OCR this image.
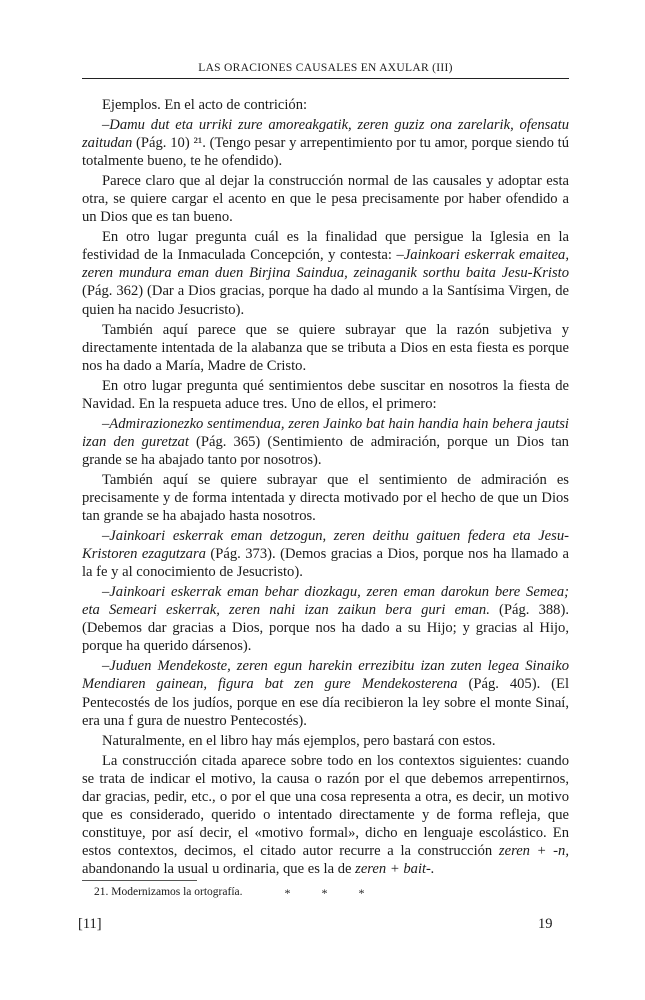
LAS ORACIONES CAUSALES EN AXULAR (III)

Ejemplos. En el acto de contrición:

–Damu dut eta urriki zure amoreakgatik, zeren guziz ona zarelarik, ofensatu zaitudan (Pág. 10) ²¹. (Tengo pesar y arrepentimiento por tu amor, porque siendo tú totalmente bueno, te he ofendido).

Parece claro que al dejar la construcción normal de las causales y adoptar esta otra, se quiere cargar el acento en que le pesa precisamente por haber ofendido a un Dios que es tan bueno.

En otro lugar pregunta cuál es la finalidad que persigue la Iglesia en la festividad de la Inmaculada Concepción, y contesta: –Jainkoari eskerrak emaitea, zeren mundura eman duen Birjina Saindua, zeinaganik sorthu baita Jesu-Kristo (Pág. 362) (Dar a Dios gracias, porque ha dado al mundo a la Santísima Virgen, de quien ha nacido Jesucristo).

También aquí parece que se quiere subrayar que la razón subjetiva y directamente intentada de la alabanza que se tributa a Dios en esta fiesta es porque nos ha dado a María, Madre de Cristo.

En otro lugar pregunta qué sentimientos debe suscitar en nosotros la fiesta de Navidad. En la respueta aduce tres. Uno de ellos, el primero:

–Admirazionezko sentimendua, zeren Jainko bat hain handia hain behera jautsi izan den guretzat (Pág. 365) (Sentimiento de admiración, porque un Dios tan grande se ha abajado tanto por nosotros).

También aquí se quiere subrayar que el sentimiento de admiración es precisamente y de forma intentada y directa motivado por el hecho de que un Dios tan grande se ha abajado hasta nosotros.

–Jainkoari eskerrak eman detzogun, zeren deithu gaituen federa eta Jesu-Kristoren ezagutzara (Pág. 373). (Demos gracias a Dios, porque nos ha llamado a la fe y al conocimiento de Jesucristo).

–Jainkoari eskerrak eman behar diozkagu, zeren eman darokun bere Semea; eta Semeari eskerrak, zeren nahi izan zaikun bera guri eman. (Pág. 388). (Debemos dar gracias a Dios, porque nos ha dado a su Hijo; y gracias al Hijo, porque ha querido dársenos).

–Juduen Mendekoste, zeren egun harekin errezibitu izan zuten legea Sinaiko Mendiaren gainean, figura bat zen gure Mendekosterena (Pág. 405). (El Pentecostés de los judíos, porque en ese día recibieron la ley sobre el monte Sinaí, era una f gura de nuestro Pentecostés).

Naturalmente, en el libro hay más ejemplos, pero bastará con estos.

La construcción citada aparece sobre todo en los contextos siguientes: cuando se trata de indicar el motivo, la causa o razón por el que debemos arrepentirnos, dar gracias, pedir, etc., o por el que una cosa representa a otra, es decir, un motivo que es considerado, querido o intentado directamente y de forma refleja, que constituye, por así decir, el «motivo formal», dicho en lenguaje escolástico. En estos contextos, decimos, el citado autor recurre a la construcción zeren + -n, abandonando la usual u ordinaria, que es la de zeren + bait-.

* * *
21. Modernizamos la ortografía.
[11]	19
